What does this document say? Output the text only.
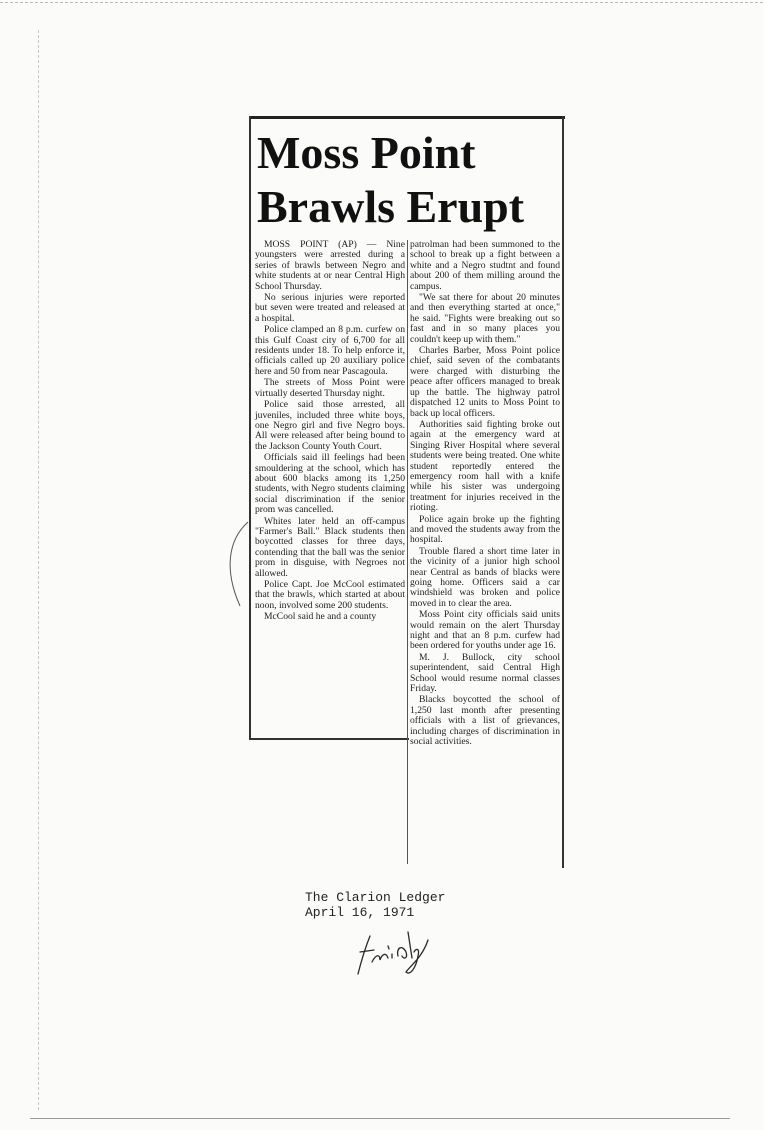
Moss Point
Brawls Erupt

MOSS POINT (AP) — Nine youngsters were arrested during a series of brawls between Negro and white students at or near Central High School Thursday.

No serious injuries were reported but seven were treated and released at a hospital.

Police clamped an 8 p.m. curfew on this Gulf Coast city of 6,700 for all residents under 18. To help enforce it, officials called up 20 auxiliary police here and 50 from near Pascagoula.

The streets of Moss Point were virtually deserted Thursday night.

Police said those arrested, all juveniles, included three white boys, one Negro girl and five Negro boys. All were released after being bound to the Jackson County Youth Court.

Officials said ill feelings had been smouldering at the school, which has about 600 blacks among its 1,250 students, with Negro students claiming social discrimination if the senior prom was cancelled.

Whites later held an off-campus "Farmer's Ball." Black students then boycotted classes for three days, contending that the ball was the senior prom in disguise, with Negroes not allowed.

Police Capt. Joe McCool estimated that the brawls, which started at about noon, involved some 200 students.

McCool said he and a county

patrolman had been summoned to the school to break up a fight between a white and a Negro studtnt and found about 200 of them milling around the campus.

"We sat there for about 20 minutes and then everything started at once," he said. "Fights were breaking out so fast and in so many places you couldn't keep up with them."

Charles Barber, Moss Point police chief, said seven of the combatants were charged with disturbing the peace after officers managed to break up the battle. The highway patrol dispatched 12 units to Moss Point to back up local officers.

Authorities said fighting broke out again at the emergency ward at Singing River Hospital where several students were being treated. One white student reportedly entered the emergency room hall with a knife while his sister was undergoing treatment for injuries received in the rioting.

Police again broke up the fighting and moved the students away from the hospital.

Trouble flared a short time later in the vicinity of a junior high school near Central as bands of blacks were going home. Officers said a car windshield was broken and police moved in to clear the area.

Moss Point city officials said units would remain on the alert Thursday night and that an 8 p.m. curfew had been ordered for youths under age 16.

M. J. Bullock, city school superintendent, said Central High School would resume normal classes Friday.

Blacks boycotted the school of 1,250 last month after presenting officials with a list of grievances, including charges of discrimination in social activities.

The Clarion Ledger
April 16, 1971
